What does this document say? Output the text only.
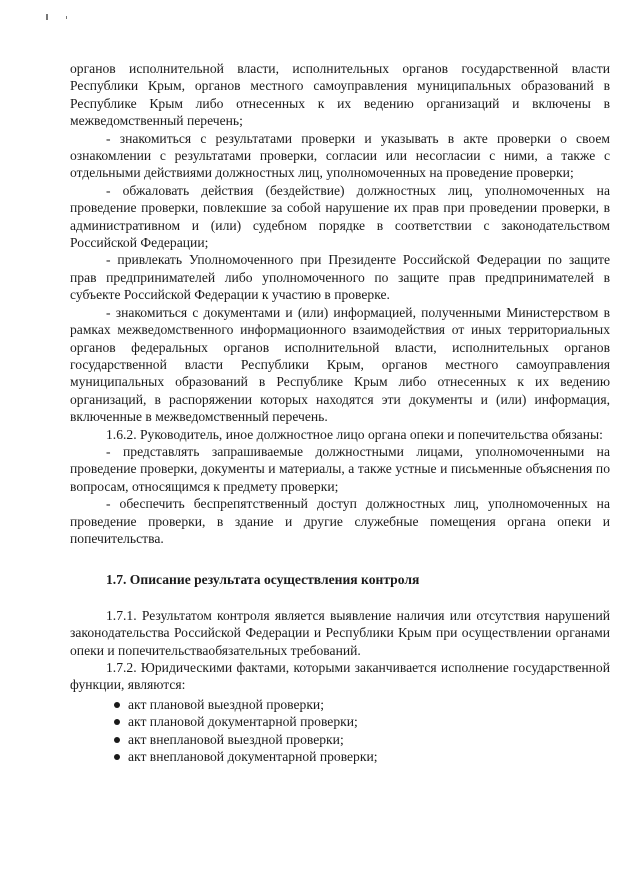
органов исполнительной власти, исполнительных органов государственной власти Республики Крым, органов местного самоуправления муниципальных образований в Республике Крым либо отнесенных к их ведению организаций и включены в межведомственный перечень;

- знакомиться с результатами проверки и указывать в акте проверки о своем ознакомлении с результатами проверки, согласии или несогласии с ними, а также с отдельными действиями должностных лиц, уполномоченных на проведение проверки;

- обжаловать действия (бездействие) должностных лиц, уполномоченных на проведение проверки, повлекшие за собой нарушение их прав при проведении проверки, в административном и (или) судебном порядке в соответствии с законодательством Российской Федерации;

- привлекать Уполномоченного при Президенте Российской Федерации по защите прав предпринимателей либо уполномоченного по защите прав предпринимателей в субъекте Российской Федерации к участию в проверке.

- знакомиться с документами и (или) информацией, полученными Министерством в рамках межведомственного информационного взаимодействия от иных территориальных органов федеральных органов исполнительной власти, исполнительных органов государственной власти Республики Крым, органов местного самоуправления муниципальных образований в Республике Крым либо отнесенных к их ведению организаций, в распоряжении которых находятся эти документы и (или) информация, включенные в межведомственный перечень.

1.6.2. Руководитель, иное должностное лицо органа опеки и попечительства обязаны:

- представлять запрашиваемые должностными лицами, уполномоченными на проведение проверки, документы и материалы, а также устные и письменные объяснения по вопросам, относящимся к предмету проверки;

- обеспечить беспрепятственный доступ должностных лиц, уполномоченных на проведение проверки, в здание и другие служебные помещения органа опеки и попечительства.

1.7. Описание результата осуществления контроля

1.7.1. Результатом контроля является выявление наличия или отсутствия нарушений законодательства Российской Федерации и Республики Крым при осуществлении органами опеки и попечительстваобязательных требований.

1.7.2. Юридическими фактами, которыми заканчивается исполнение государственной функции, являются:

акт плановой выездной проверки;
акт плановой документарной проверки;
акт внеплановой выездной проверки;
акт внеплановой документарной проверки;
